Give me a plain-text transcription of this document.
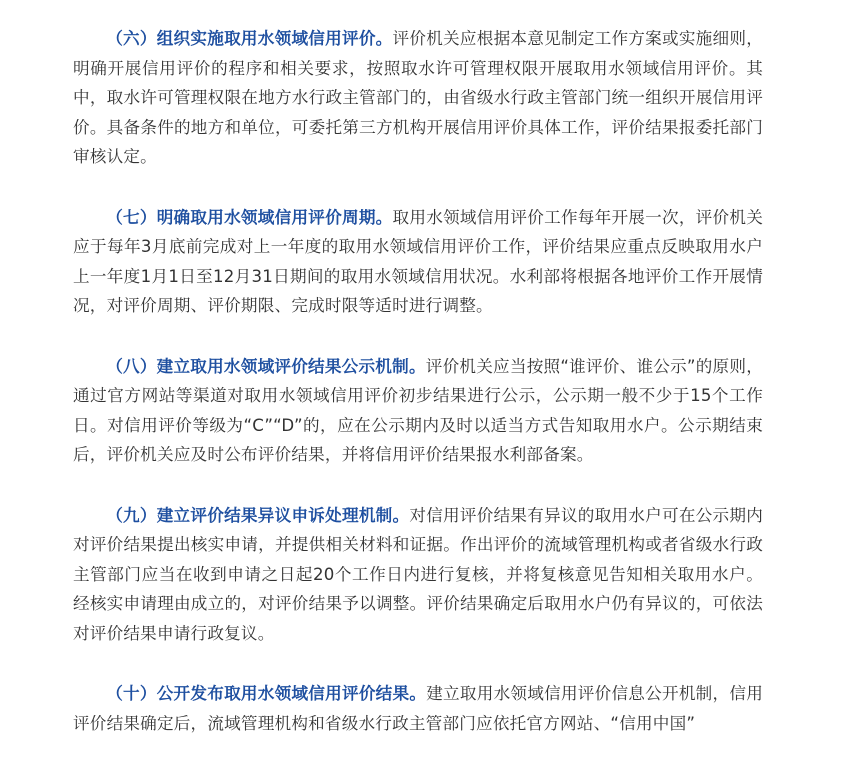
（六）组织实施取用水领域信用评价。评价机关应根据本意见制定工作方案或实施细则，明确开展信用评价的程序和相关要求，按照取水许可管理权限开展取用水领域信用评价。其中，取水许可管理权限在地方水行政主管部门的，由省级水行政主管部门统一组织开展信用评价。具备条件的地方和单位，可委托第三方机构开展信用评价具体工作，评价结果报委托部门审核认定。

（七）明确取用水领域信用评价周期。取用水领域信用评价工作每年开展一次，评价机关应于每年3月底前完成对上一年度的取用水领域信用评价工作，评价结果应重点反映取用水户上一年度1月1日至12月31日期间的取用水领域信用状况。水利部将根据各地评价工作开展情况，对评价周期、评价期限、完成时限等适时进行调整。

（八）建立取用水领域评价结果公示机制。评价机关应当按照“谁评价、谁公示”的原则，通过官方网站等渠道对取用水领域信用评价初步结果进行公示，公示期一般不少于15个工作日。对信用评价等级为“C”“D”的，应在公示期内及时以适当方式告知取用水户。公示期结束后，评价机关应及时公布评价结果，并将信用评价结果报水利部备案。

（九）建立评价结果异议申诉处理机制。对信用评价结果有异议的取用水户可在公示期内对评价结果提出核实申请，并提供相关材料和证据。作出评价的流域管理机构或者省级水行政主管部门应当在收到申请之日起20个工作日内进行复核，并将复核意见告知相关取用水户。经核实申请理由成立的，对评价结果予以调整。评价结果确定后取用水户仍有异议的，可依法对评价结果申请行政复议。

（十）公开发布取用水领域信用评价结果。建立取用水领域信用评价信息公开机制，信用评价结果确定后，流域管理机构和省级水行政主管部门应依托官方网站、“信用中国”
